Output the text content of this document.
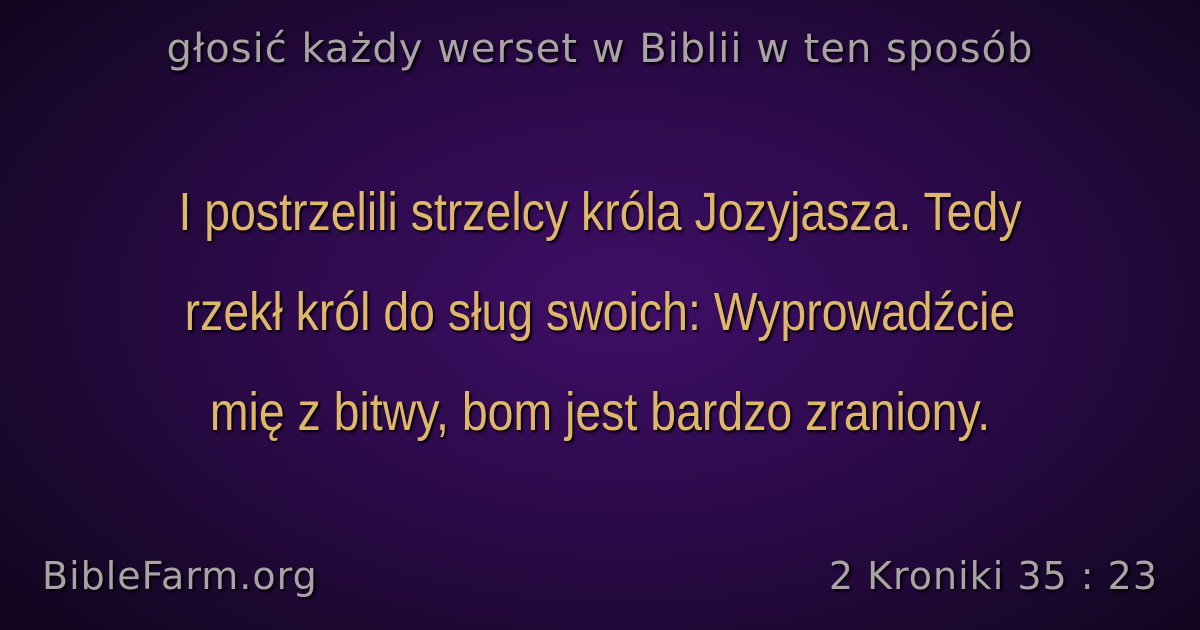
głosić każdy werset w Biblii w ten sposób
I postrzelili strzelcy króla Jozyjasza. Tedy
rzekł król do sług swoich: Wyprowadźcie
mię z bitwy, bom jest bardzo zraniony.
BibleFarm.org	2 Kroniki 35 : 23
